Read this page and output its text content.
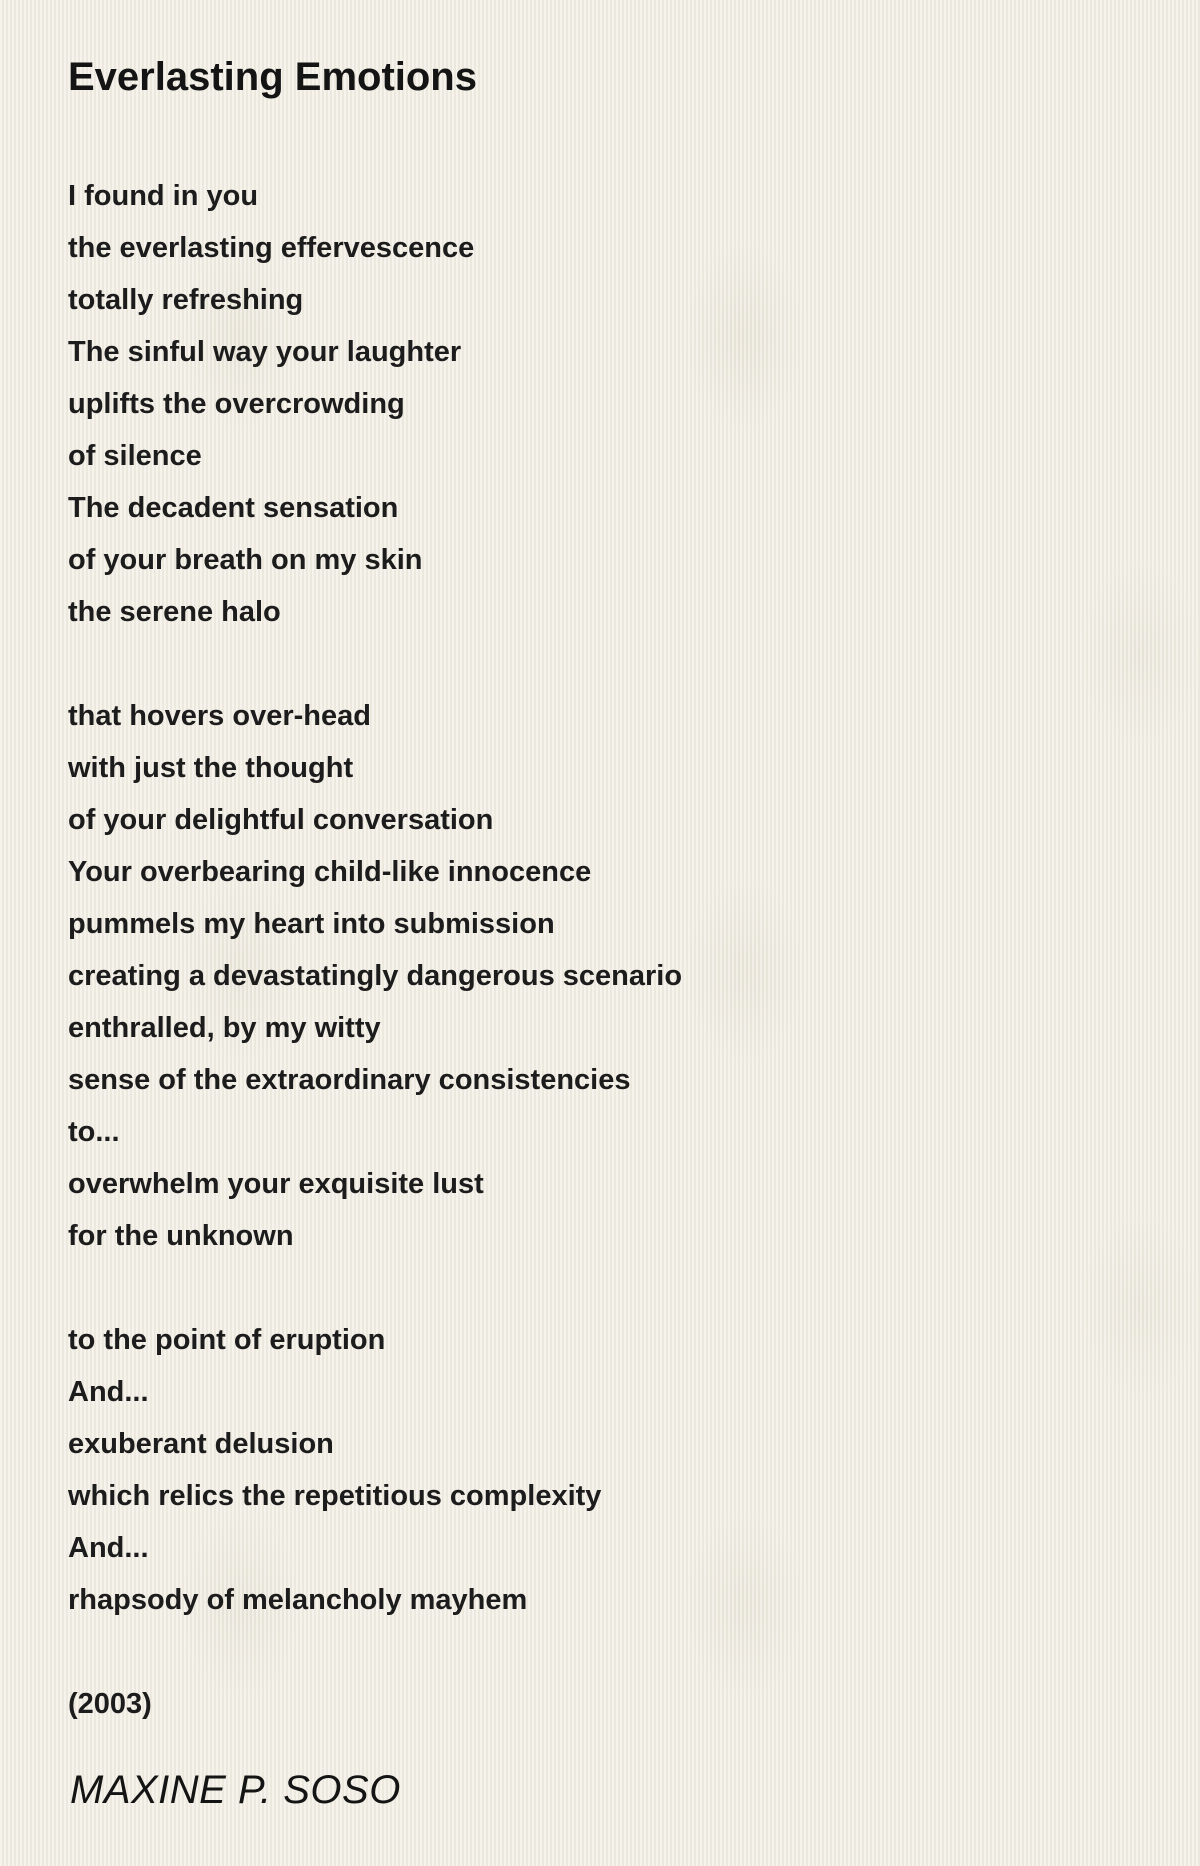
Everlasting Emotions
I found in you
the everlasting effervescence
totally refreshing
The sinful way your laughter
uplifts the overcrowding
of silence
The decadent sensation
of your breath on my skin
the serene halo
that hovers over-head
with just the thought
of your delightful conversation
Your overbearing child-like innocence
pummels my heart into submission
creating a devastatingly dangerous scenario
enthralled, by my witty
sense of the extraordinary consistencies
to...
overwhelm your exquisite lust
for the unknown
to the point of eruption
And...
exuberant delusion
which relics the repetitious complexity
And...
rhapsody of melancholy mayhem

(2003)

MAXINE P. SOSO
